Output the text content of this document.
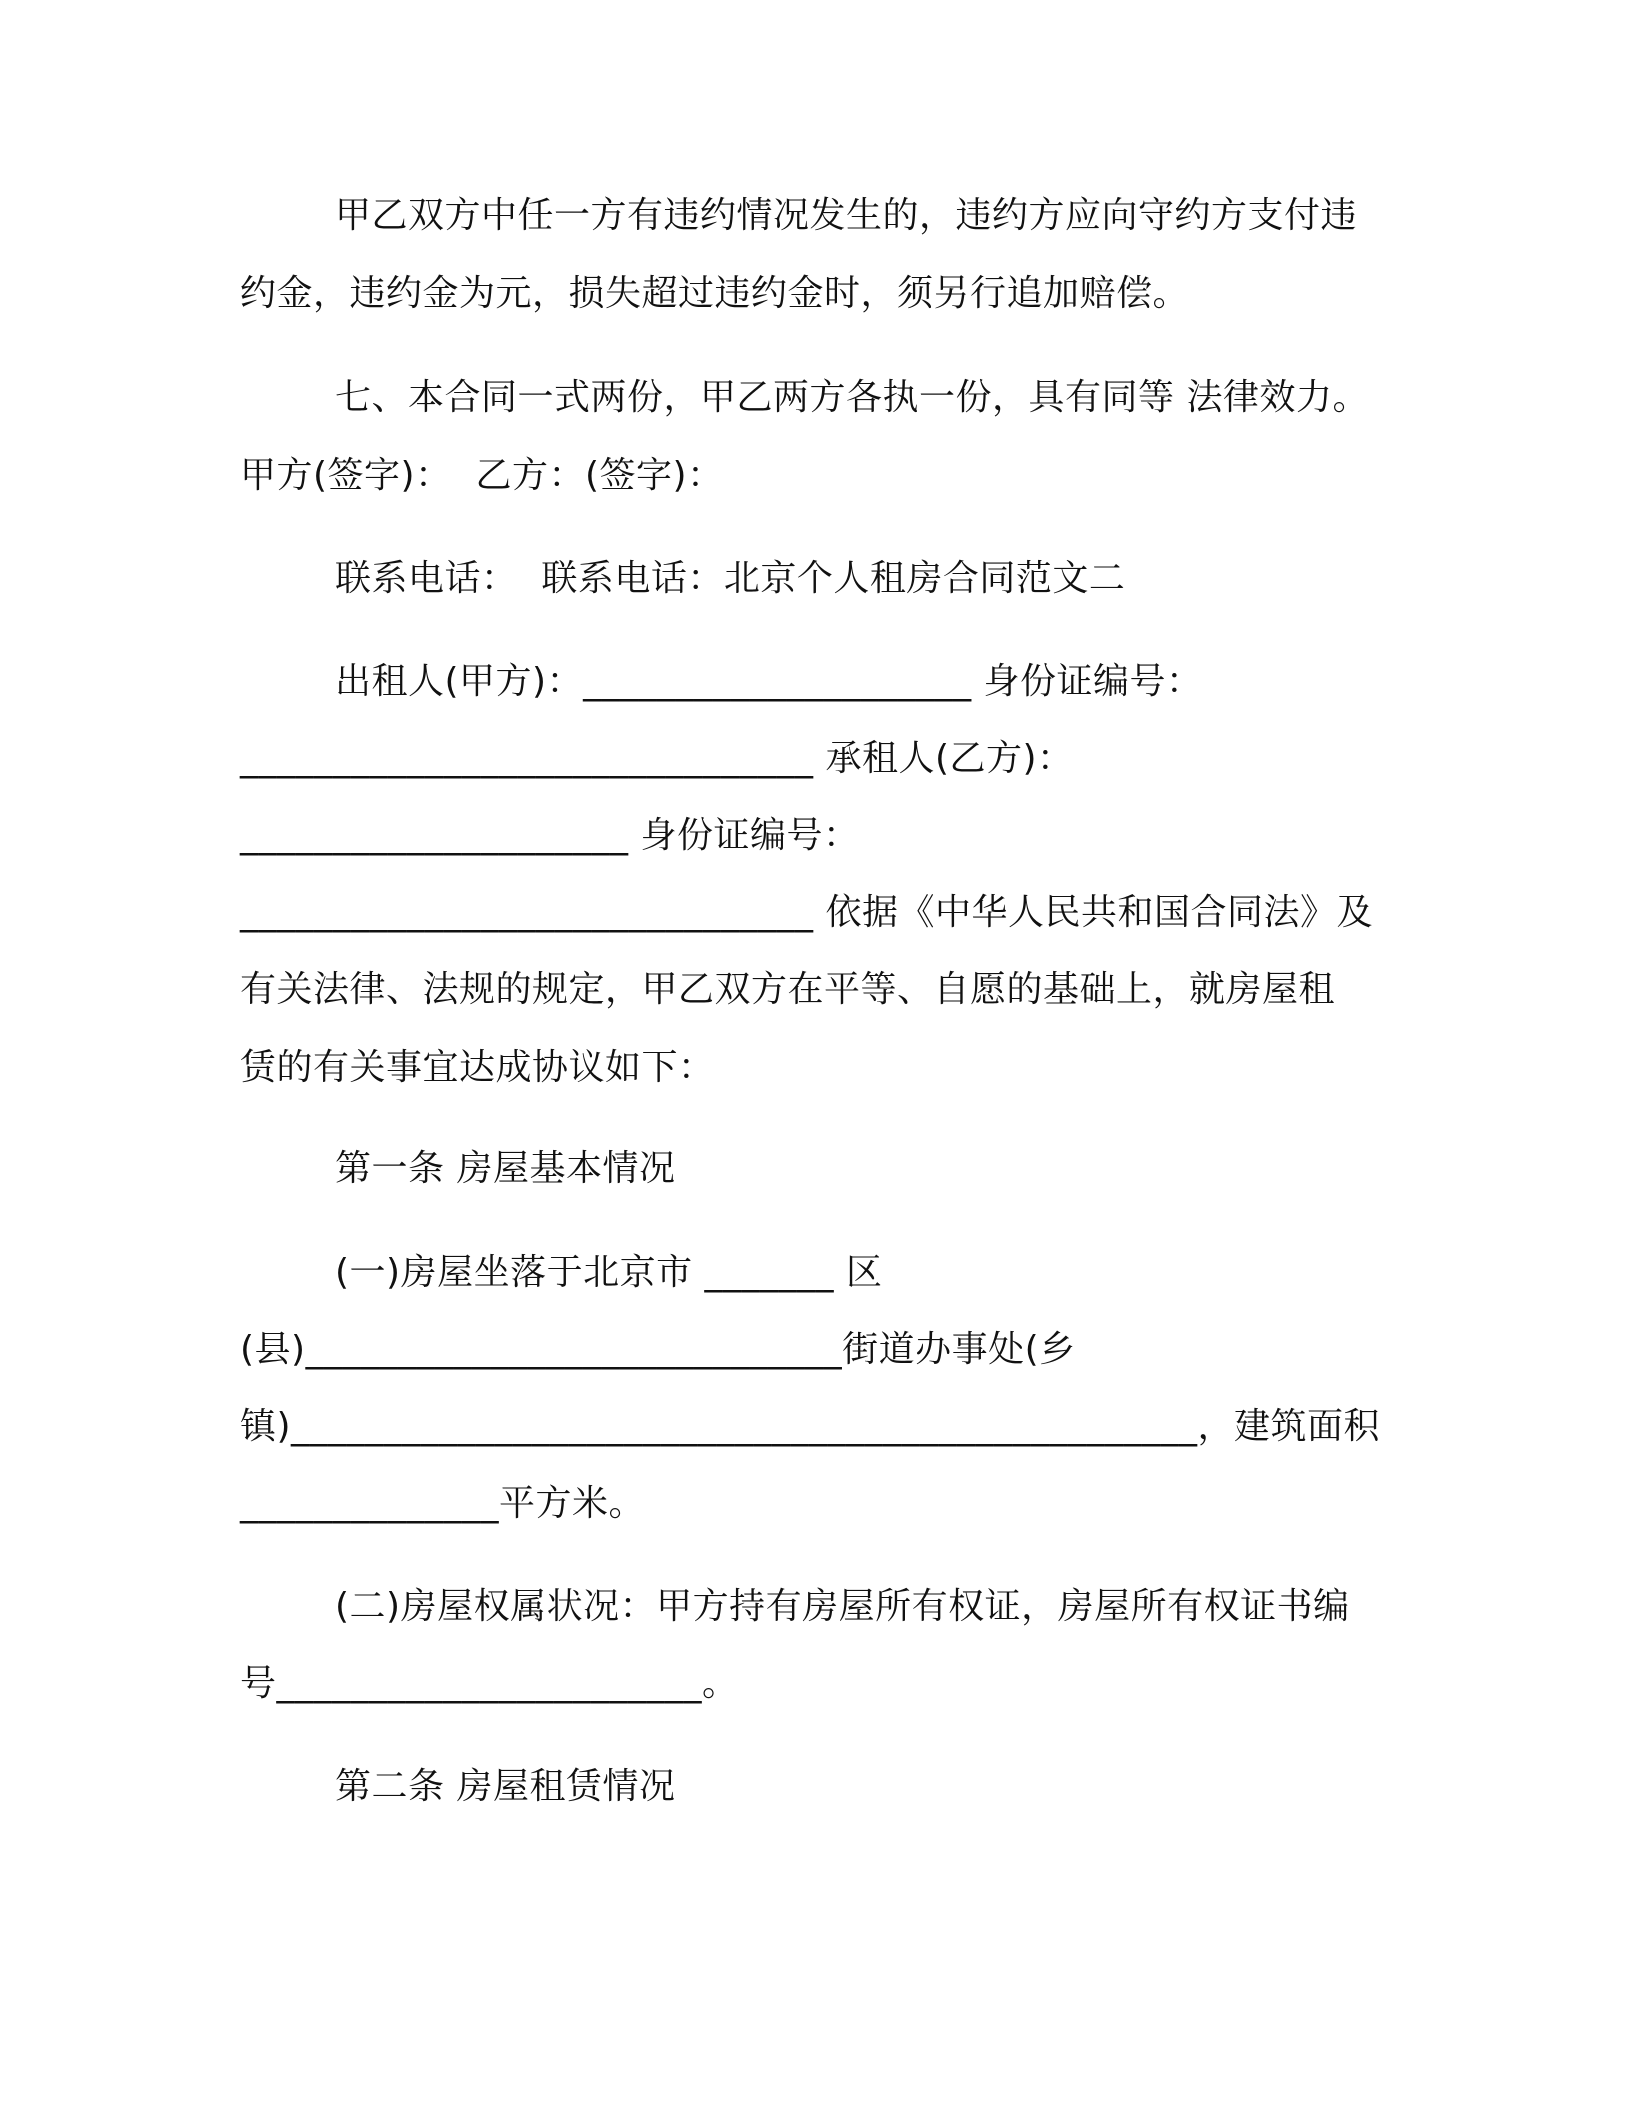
甲乙双方中任一方有违约情况发生的，违约方应向守约方支付违
约金，违约金为元，损失超过违约金时，须另行追加赔偿。
七、本合同一式两份，甲乙两方各执一份，具有同等 法律效力。
甲方(签字)：  乙方：(签字)：
联系电话：  联系电话：北京个人租房合同范文二
出租人(甲方)：_____________________ 身份证编号：
_______________________________ 承租人(乙方)：
_____________________ 身份证编号：
_______________________________ 依据《中华人民共和国合同法》及
有关法律、法规的规定，甲乙双方在平等、自愿的基础上，就房屋租
赁的有关事宜达成协议如下：
第一条 房屋基本情况
(一)房屋坐落于北京市 _______ 区
(县)_____________________________街道办事处(乡
镇)_________________________________________________，建筑面积
______________平方米。
(二)房屋权属状况：甲方持有房屋所有权证，房屋所有权证书编
号_______________________。
第二条 房屋租赁情况
